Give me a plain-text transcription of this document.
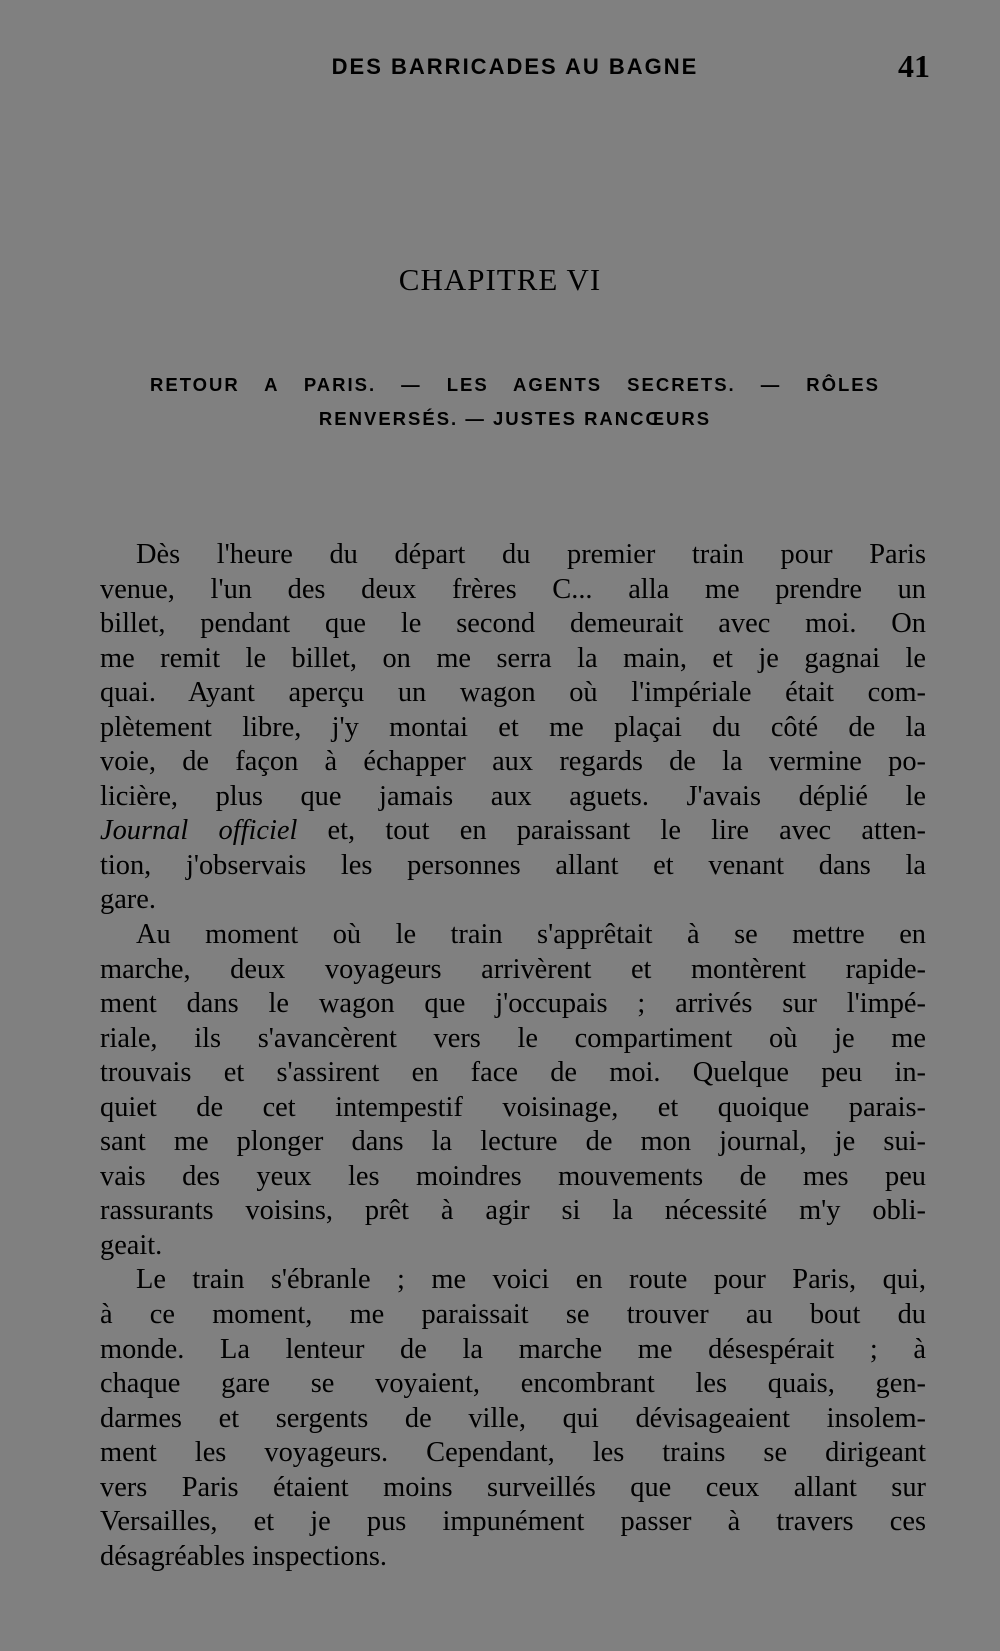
DES BARRICADES AU BAGNE	41
CHAPITRE VI
RETOUR A PARIS. — LES AGENTS SECRETS. — RÔLES
RENVERSÉS. — JUSTES RANCŒURS
Dès l'heure du départ du premier train pour Paris
venue, l'un des deux frères C... alla me prendre un
billet, pendant que le second demeurait avec moi. On
me remit le billet, on me serra la main, et je gagnai le
quai. Ayant aperçu un wagon où l'impériale était com-
plètement libre, j'y montai et me plaçai du côté de la
voie, de façon à échapper aux regards de la vermine po-
licière, plus que jamais aux aguets. J'avais déplié le
Journal officiel et, tout en paraissant le lire avec atten-
tion, j'observais les personnes allant et venant dans la
gare.
Au moment où le train s'apprêtait à se mettre en
marche, deux voyageurs arrivèrent et montèrent rapide-
ment dans le wagon que j'occupais ; arrivés sur l'impé-
riale, ils s'avancèrent vers le compartiment où je me
trouvais et s'assirent en face de moi. Quelque peu in-
quiet de cet intempestif voisinage, et quoique parais-
sant me plonger dans la lecture de mon journal, je sui-
vais des yeux les moindres mouvements de mes peu
rassurants voisins, prêt à agir si la nécessité m'y obli-
geait.
Le train s'ébranle ; me voici en route pour Paris, qui,
à ce moment, me paraissait se trouver au bout du
monde. La lenteur de la marche me désespérait ; à
chaque gare se voyaient, encombrant les quais, gen-
darmes et sergents de ville, qui dévisageaient insolem-
ment les voyageurs. Cependant, les trains se dirigeant
vers Paris étaient moins surveillés que ceux allant sur
Versailles, et je pus impunément passer à travers ces
désagréables inspections.
